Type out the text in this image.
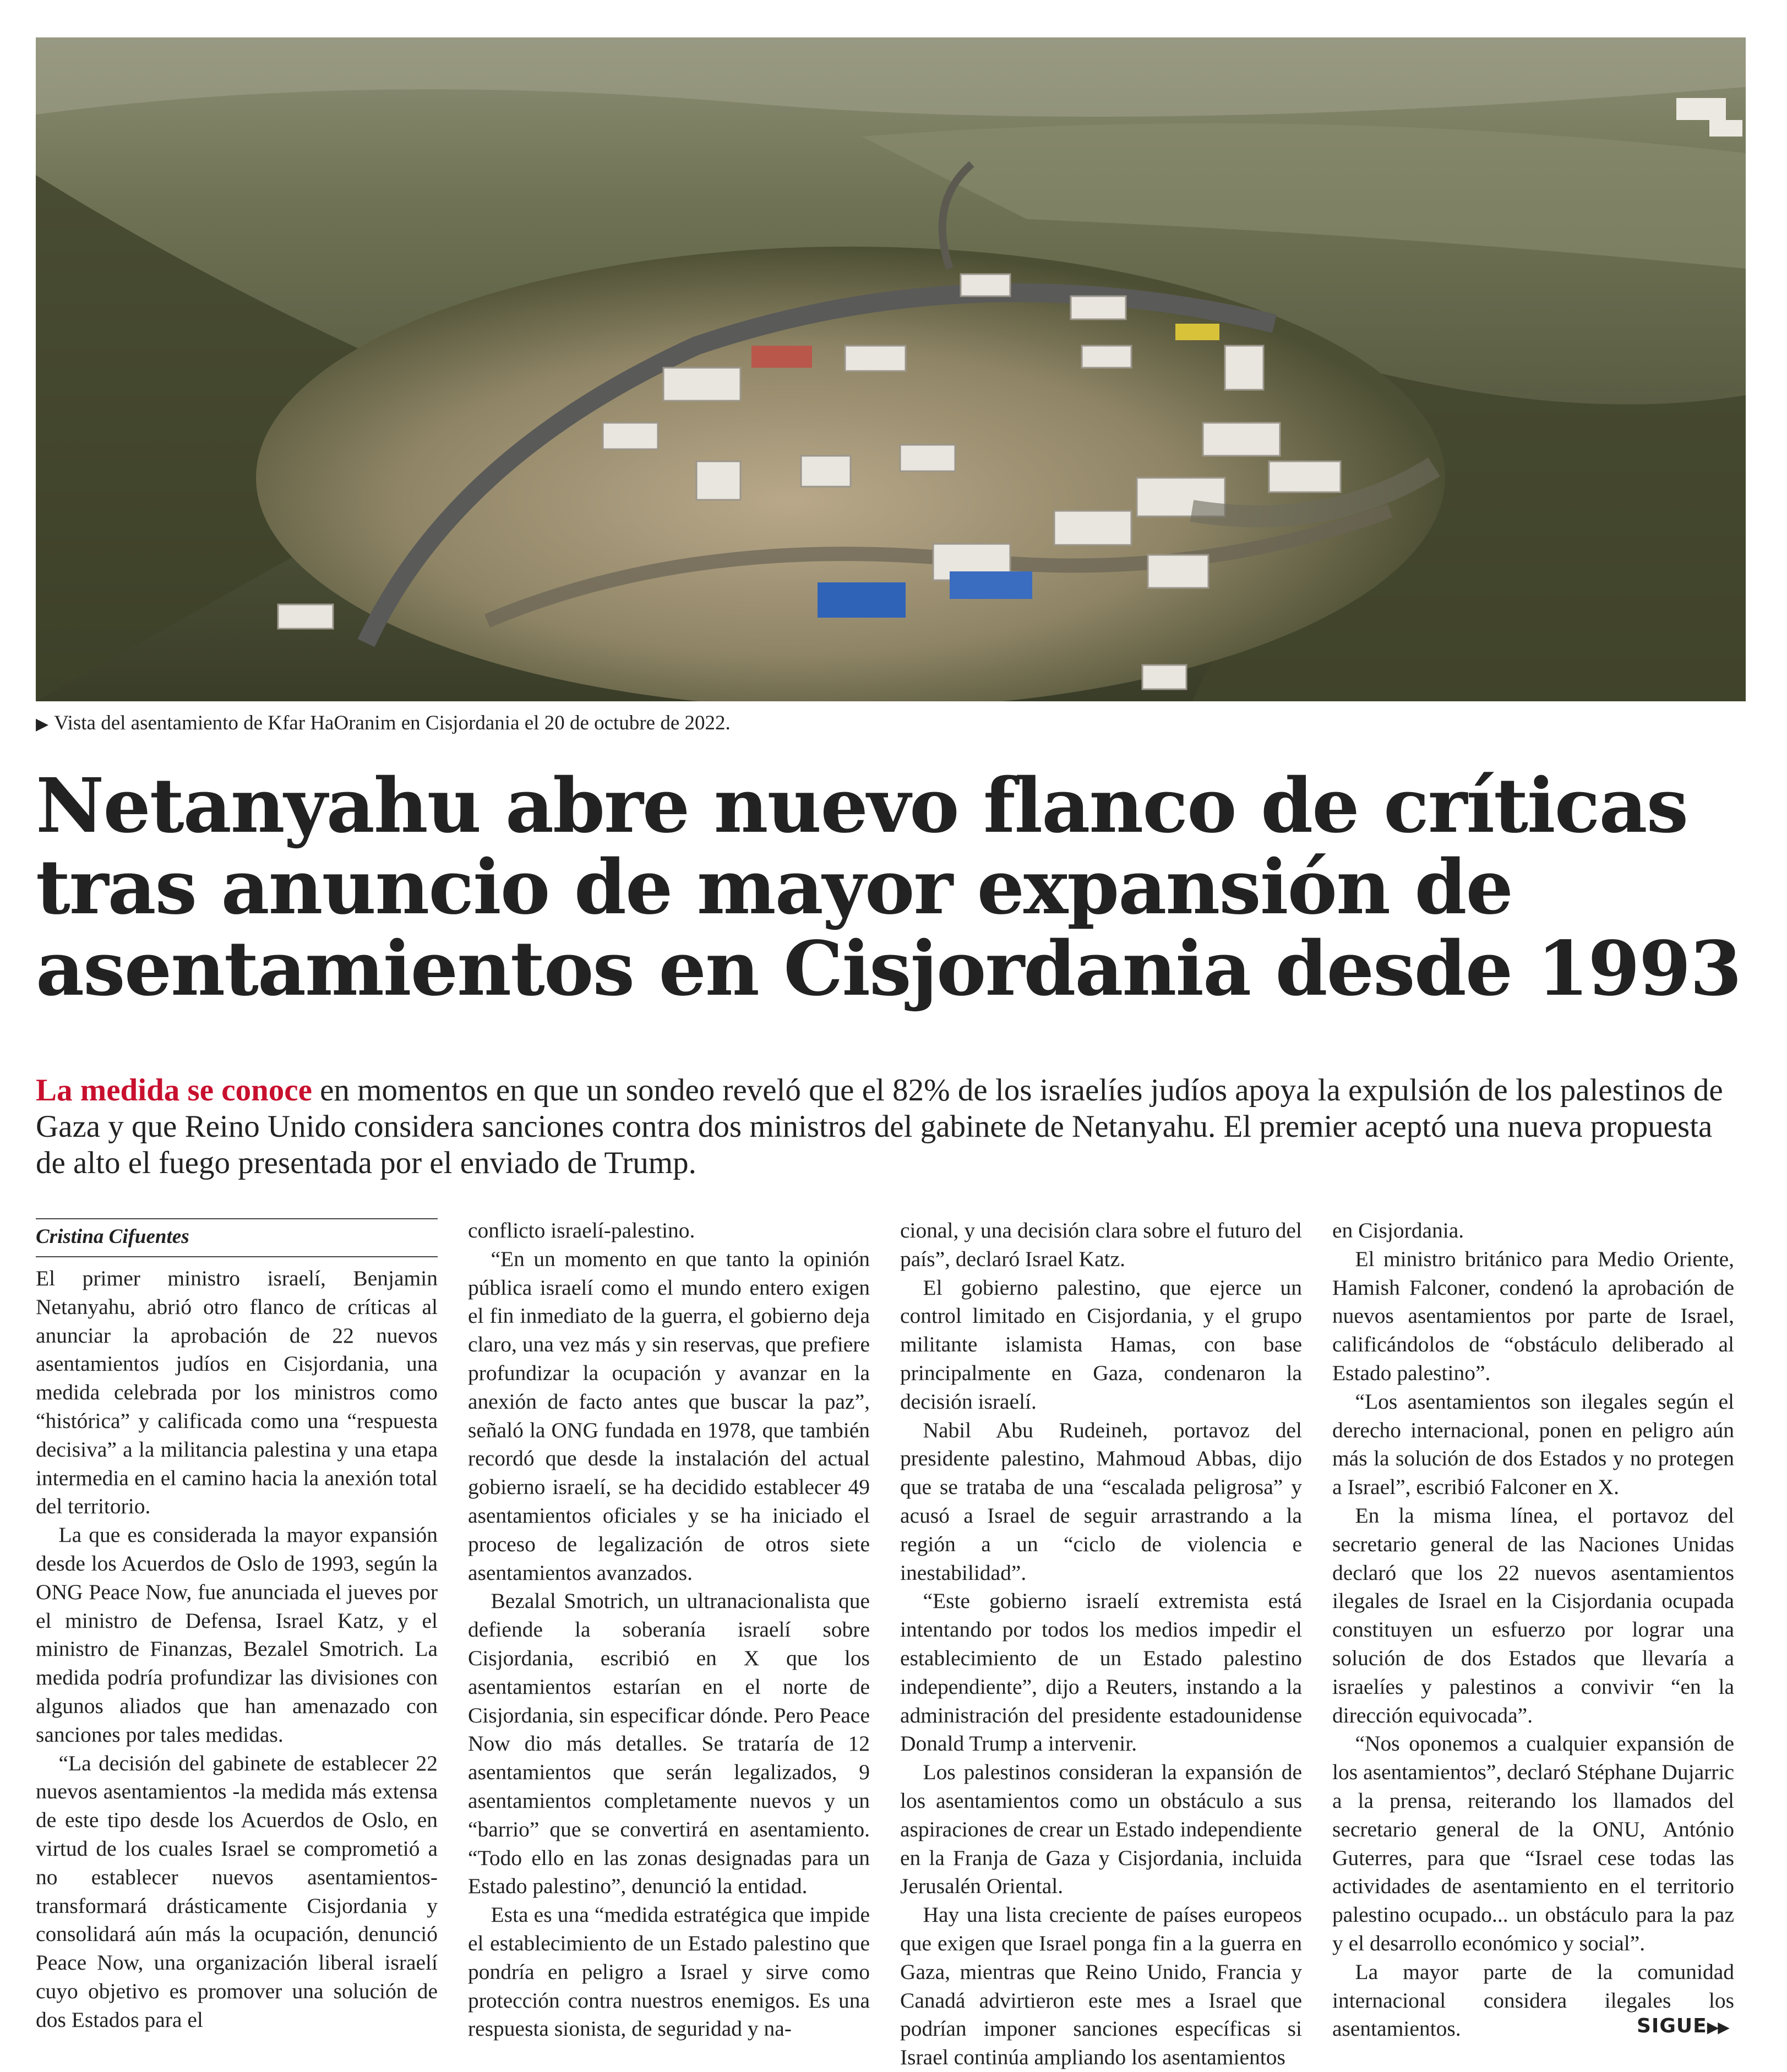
▶ Vista del asentamiento de Kfar HaOranim en Cisjordania el 20 de octubre de 2022.
Netanyahu abre nuevo flanco de críticas tras anuncio de mayor expansión de asentamientos en Cisjordania desde 1993
La medida se conoce en momentos en que un sondeo reveló que el 82% de los israelíes judíos apoya la expulsión de los palestinos de Gaza y que Reino Unido considera sanciones contra dos ministros del gabinete de Netanyahu. El premier aceptó una nueva propuesta de alto el fuego presentada por el enviado de Trump.
Cristina Cifuentes

El primer ministro israelí, Benjamin Netanyahu, abrió otro flanco de críticas al anunciar la aprobación de 22 nuevos asentamientos judíos en Cisjordania, una medida celebrada por los ministros como “histórica” y calificada como una “respuesta decisiva” a la militancia palestina y una etapa intermedia en el camino hacia la anexión total del territorio.

La que es considerada la mayor expansión desde los Acuerdos de Oslo de 1993, según la ONG Peace Now, fue anunciada el jueves por el ministro de Defensa, Israel Katz, y el ministro de Finanzas, Bezalel Smotrich. La medida podría profundizar las divisiones con algunos aliados que han amenazado con sanciones por tales medidas.

“La decisión del gabinete de establecer 22 nuevos asentamientos -la medida más extensa de este tipo desde los Acuerdos de Oslo, en virtud de los cuales Israel se comprometió a no establecer nuevos asentamientos- transformará drásticamente Cisjordania y consolidará aún más la ocupación, denunció Peace Now, una organización liberal israelí cuyo objetivo es promover una solución de dos Estados para el

conflicto israelí-palestino.

“En un momento en que tanto la opinión pública israelí como el mundo entero exigen el fin inmediato de la guerra, el gobierno deja claro, una vez más y sin reservas, que prefiere profundizar la ocupación y avanzar en la anexión de facto antes que buscar la paz”, señaló la ONG fundada en 1978, que también recordó que desde la instalación del actual gobierno israelí, se ha decidido establecer 49 asentamientos oficiales y se ha iniciado el proceso de legalización de otros siete asentamientos avanzados.

Bezalal Smotrich, un ultranacionalista que defiende la soberanía israelí sobre Cisjordania, escribió en X que los asentamientos estarían en el norte de Cisjordania, sin especificar dónde. Pero Peace Now dio más detalles. Se trataría de 12 asentamientos que serán legalizados, 9 asentamientos completamente nuevos y un “barrio” que se convertirá en asentamiento. “Todo ello en las zonas designadas para un Estado palestino”, denunció la entidad.

Esta es una “medida estratégica que impide el establecimiento de un Estado palestino que pondría en peligro a Israel y sirve como protección contra nuestros enemigos. Es una respuesta sionista, de seguridad y na-

cional, y una decisión clara sobre el futuro del país”, declaró Israel Katz.

El gobierno palestino, que ejerce un control limitado en Cisjordania, y el grupo militante islamista Hamas, con base principalmente en Gaza, condenaron la decisión israelí.

Nabil Abu Rudeineh, portavoz del presidente palestino, Mahmoud Abbas, dijo que se trataba de una “escalada peligrosa” y acusó a Israel de seguir arrastrando a la región a un “ciclo de violencia e inestabilidad”.

“Este gobierno israelí extremista está intentando por todos los medios impedir el establecimiento de un Estado palestino independiente”, dijo a Reuters, instando a la administración del presidente estadounidense Donald Trump a intervenir.

Los palestinos consideran la expansión de los asentamientos como un obstáculo a sus aspiraciones de crear un Estado independiente en la Franja de Gaza y Cisjordania, incluida Jerusalén Oriental.

Hay una lista creciente de países europeos que exigen que Israel ponga fin a la guerra en Gaza, mientras que Reino Unido, Francia y Canadá advirtieron este mes a Israel que podrían imponer sanciones específicas si Israel continúa ampliando los asentamientos

en Cisjordania.

El ministro británico para Medio Oriente, Hamish Falconer, condenó la aprobación de nuevos asentamientos por parte de Israel, calificándolos de “obstáculo deliberado al Estado palestino”.

“Los asentamientos son ilegales según el derecho internacional, ponen en peligro aún más la solución de dos Estados y no protegen a Israel”, escribió Falconer en X.

En la misma línea, el portavoz del secretario general de las Naciones Unidas declaró que los 22 nuevos asentamientos ilegales de Israel en la Cisjordania ocupada constituyen un esfuerzo por lograr una solución de dos Estados que llevaría a israelíes y palestinos a convivir “en la dirección equivocada”.

“Nos oponemos a cualquier expansión de los asentamientos”, declaró Stéphane Dujarric a la prensa, reiterando los llamados del secretario general de la ONU, António Guterres, para que “Israel cese todas las actividades de asentamiento en el territorio palestino ocupado... un obstáculo para la paz y el desarrollo económico y social”.

La mayor parte de la comunidad internacional considera ilegales los asentamientos.	SIGUE▶▶
